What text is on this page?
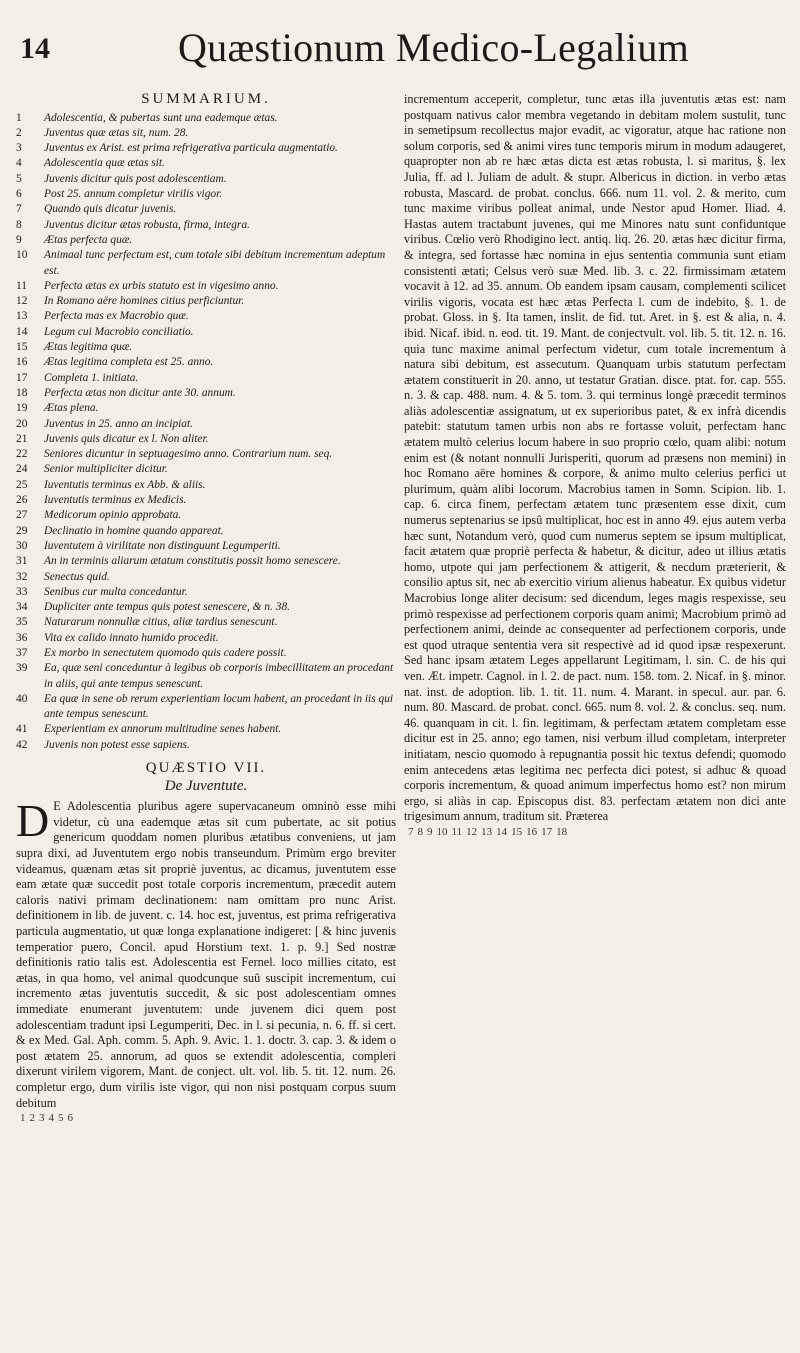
14	Quæstionum Medico-Legalium
SUMMARIUM.
1	Adolescentia, & pubertas sunt una eademque ætas.
2	Juventus quæ ætas sit, num. 28.
3	Juventus ex Arist. est prima refrigerativa particula augmentatio.
4	Adolescentia quæ ætas sit.
5	Juvenis dicitur quis post adolescentiam.
6	Post 25. annum completur virilis vigor.
7	Quando quis dicatur juvenis.
8	Juventus dicitur ætas robusta, firma, integra.
9	Ætas perfecta quæ.
10	Animaal tunc perfectum est, cum totale sibi debitum incrementum adeptum est.
11	Perfecta ætas ex urbis statuto est in vigesimo anno.
12	In Romano aëre homines citius perficiuntur.
13	Perfecta mas ex Macrobio quæ.
14	Legum cui Macrobio conciliatio.
15	Ætas legitima quæ.
16	Ætas legitima completa est 25. anno.
17	Completa 1. initiata.
18	Perfecta ætas non dicitur ante 30. annum.
19	Ætas plena.
20	Juventus in 25. anno an incipiat.
21	Juvenis quis dicatur ex l. Non aliter.
22	Seniores dicuntur in septuagesimo anno. Contrarium num. seq.
24	Senior multipliciter dicitur.
25	Iuventutis terminus ex Abb. & aliis.
26	Iuventutis terminus ex Medicis.
27	Medicorum opinio approbata.
29	Declinatio in homine quando appareat.
30	Iuventutem à virilitate non distinguunt Legumperiti.
31	An in terminis aliarum ætatum constitutis possit homo senescere.
32	Senectus quid.
33	Senibus cur multa concedantur.
34	Dupliciter ante tempus quis potest senescere, & n. 38.
35	Naturarum nonnullæ citius, aliæ tardius senescunt.
36	Vita ex calido innato humido procedit.
37	Ex morbo in senectutem quomodo quis cadere possit.
39	Ea, quæ seni conceduntur à legibus ob corporis imbecillitatem an procedant in aliis, qui ante tempus senescunt.
40	Ea quæ in sene ob rerum experientiam locum habent, an procedant in iis qui ante tempus senescunt.
41	Experientiam ex annorum multitudine senes habent.
42	Juvenis non potest esse sapiens.
QUÆSTIO VII.
De Juventute.

D E Adolescentia pluribus agere supervacaneum omninò esse mihi videtur, cù una eademque ætas sit cum pubertate, ac sit potius genericum quoddam nomen pluribus ætatibus conveniens, ut jam supra dixi, ad Juventutem ergo nobis transeundum. Primùm ergo breviter videamus, quænam ætas sit propriè juventus, ac dicamus, juventutem esse eam ætate quæ succedit post totale corporis incrementum, præcedit autem caloris nativi primam declinationem: nam omittam pro nunc Arist. definitionem in lib. de juvent. c. 14. hoc est, juventus, est prima refrigerativa particula augmentatio, ut quæ longa explanatione indigeret: [ & hinc juvenis temperatior puero, Concil. apud Horstium text. 1. p. 9.] Sed nostræ definitionis ratio talis est. Adolescentia est Fernel. loco millies citato, est ætas, in qua homo, vel animal quodcunque suû suscipit incrementum, cui incremento ætas juventutis succedit, & sic post adolescentiam omnes immediate enumerant juventutem: unde juvenem dici quem post adolescentiam tradunt ipsi Legumperiti, Dec. in l. si pecunia, n. 6. ff. si cert. & ex Med. Gal. Aph. comm. 5. Aph. 9. Avic. 1. 1. doctr. 3. cap. 3. & idem o post ætatem 25. annorum, ad quos se extendit adolescentia, compleri dixerunt virilem vigorem, Mant. de conject. ult. vol. lib. 5. tit. 12. num. 26. completur ergo, dum virilis iste vigor, qui non nisi postquam corpus suum debitum

1 2 3 4 5 6

incrementum acceperit, completur, tunc ætas illa juventutis ætas est: nam postquam nativus calor membra vegetando in debitam molem sustulit, tunc in semetipsum recollectus major evadit, ac vigoratur, atque hac ratione non solum corporis, sed & animi vires tunc temporis mirum in modum adaugeret, quapropter non ab re hæc ætas dicta est ætas robusta, l. si maritus, §. lex Julia, ff. ad l. Juliam de adult. & stupr. Albericus in diction. in verbo ætas robusta, Mascard. de probat. conclus. 666. num 11. vol. 2. & merito, cum tunc maxime viribus polleat animal, unde Nestor apud Homer. Iliad. 4. Hastas autem tractabunt juvenes, qui me Minores natu sunt confiduntque viribus. Cœlio verò Rhodigino lect. antiq. liq. 26. 20. ætas hæc dicitur firma, & integra, sed fortasse hæc nomina in ejus sententia communia sunt etiam consistenti ætati; Celsus verò suæ Med. lib. 3. c. 22. firmissimam ætatem vocavit à 12. ad 35. annum. Ob eandem ipsam causam, complementi scilicet virilis vigoris, vocata est hæc ætas Perfecta l. cum de indebito, §. 1. de probat. Gloss. in §. Ita tamen, inslit. de fid. tut. Aret. in §. est & alia, n. 4. ibid. Nicaf. ibid. n. eod. tit. 19. Mant. de conjectvult. vol. lib. 5. tit. 12. n. 16. quia tunc maxime animal perfectum videtur, cum totale incrementum à natura sibi debitum, est assecutum. Quanquam urbis statutum perfectam ætatem constituerit in 20. anno, ut testatur Gratian. disce. ptat. for. cap. 555. n. 3. & cap. 488. num. 4. & 5. tom. 3. qui terminus longè præcedit terminos aliàs adolescentiæ assignatum, ut ex superioribus patet, & ex infrà dicendis patebit: statutum tamen urbis non abs re fortasse voluit, perfectam hanc ætatem multò celerius locum habere in suo proprio cœlo, quam alibi: notum enim est (& notant nonnulli Jurisperiti, quorum ad præsens non memini) in hoc Romano aëre homines & corpore, & animo multo celerius perfici ut plurimum, quàm alibi locorum. Macrobius tamen in Somn. Scipion. lib. 1. cap. 6. circa finem, perfectam ætatem tunc præsentem esse dixit, cum numerus septenarius se ipsû multiplicat, hoc est in anno 49. ejus autem verba hæc sunt, Notandum verò, quod cum numerus septem se ipsum multiplicat, facit ætatem quæ propriè perfecta & habetur, & dicitur, adeo ut illius ætatis homo, utpote qui jam perfectionem & attigerit, & necdum præterierit, & consilio aptus sit, nec ab exercitio virium alienus habeatur. Ex quibus videtur Macrobius longe aliter decisum: sed dicendum, leges magis respexisse, seu primò respexisse ad perfectionem corporis quam animi; Macrobium primò ad perfectionem animi, deinde ac consequenter ad perfectionem corporis, unde est quod utraque sententia vera sit respectivè ad id quod ipsæ respexerunt. Sed hanc ipsam ætatem Leges appellarunt Legitimam, l. sin. C. de his qui ven. Æt. impetr. Cagnol. in l. 2. de pact. num. 158. tom. 2. Nicaf. in §. minor. nat. inst. de adoption. lib. 1. tit. 11. num. 4. Marant. in specul. aur. par. 6. num. 80. Mascard. de probat. concl. 665. num 8. vol. 2. & conclus. seq. num. 46. quanquam in cit. l. fin. legitimam, & perfectam ætatem completam esse dicitur est in 25. anno; ego tamen, nisi verbum illud completam, interpreter initiatam, nescio quomodo à repugnantia possit hic textus defendi; quomodo enim antecedens ætas legitima nec perfecta dici potest, si adhuc & quoad corporis incrementum, & quoad animum imperfectus homo est? non mirum ergo, si aliàs in cap. Episcopus dist. 83. perfectam ætatem non dici ante trigesimum annum, traditum sit. Præterea

7 8 9 10 11 12 13 14 15 16 17 18
